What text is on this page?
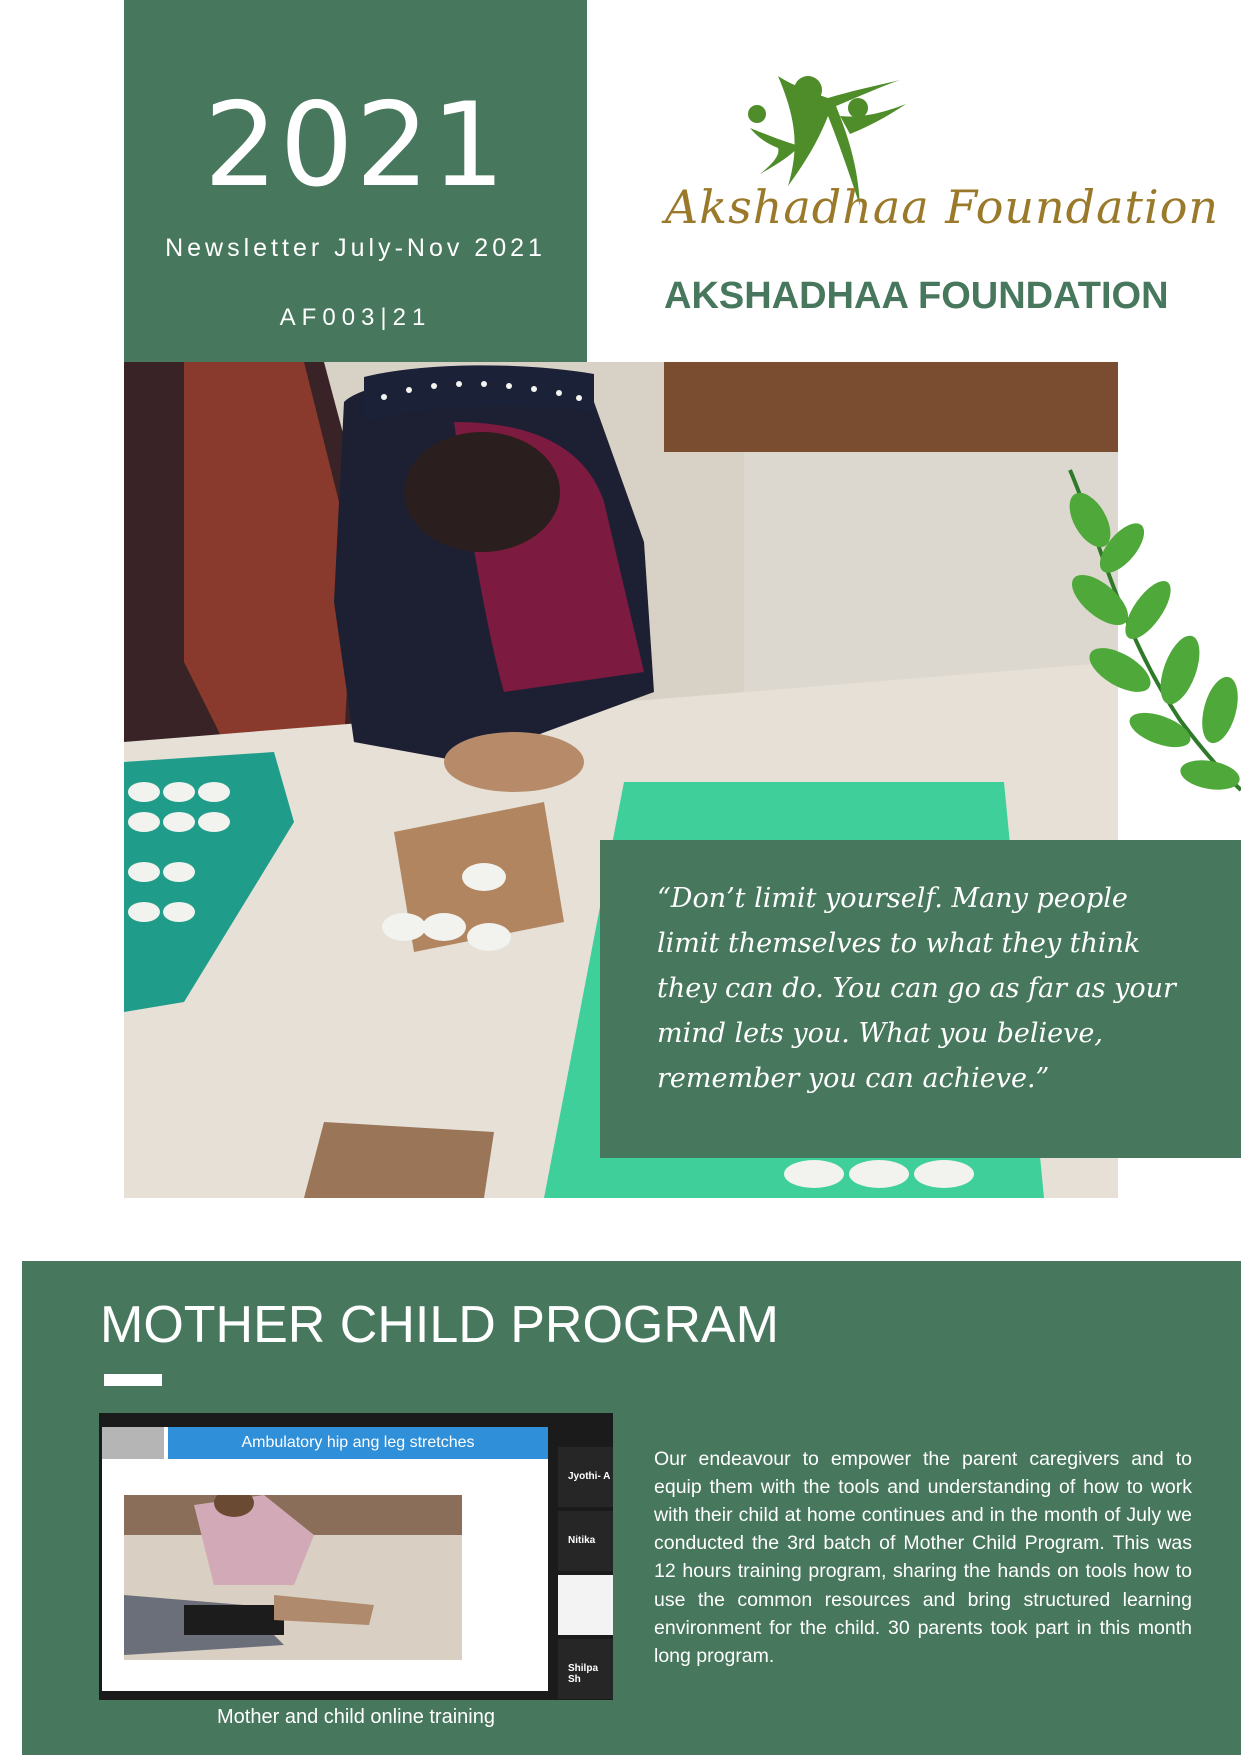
2021
Newsletter July-Nov 2021
AF003|21
Akshadhaa Foundation
AKSHADHAA FOUNDATION
“Don’t limit yourself. Many people limit themselves to what they think they can do. You can go as far as your mind lets you. What you believe, remember you can achieve.”
MOTHER CHILD PROGRAM
Ambulatory hip ang leg stretches
Jyothi- A
Nitika
Shilpa Sh
Mother and child online training

Our endeavour to empower the parent caregivers and to equip them with the tools and understanding of how to work with their child at home continues and in the month of July we conducted the 3rd batch of Mother Child Program. This was 12 hours training program, sharing the hands on tools how to use the common resources and bring structured learning environment for the child. 30 parents took part in this month long program.
